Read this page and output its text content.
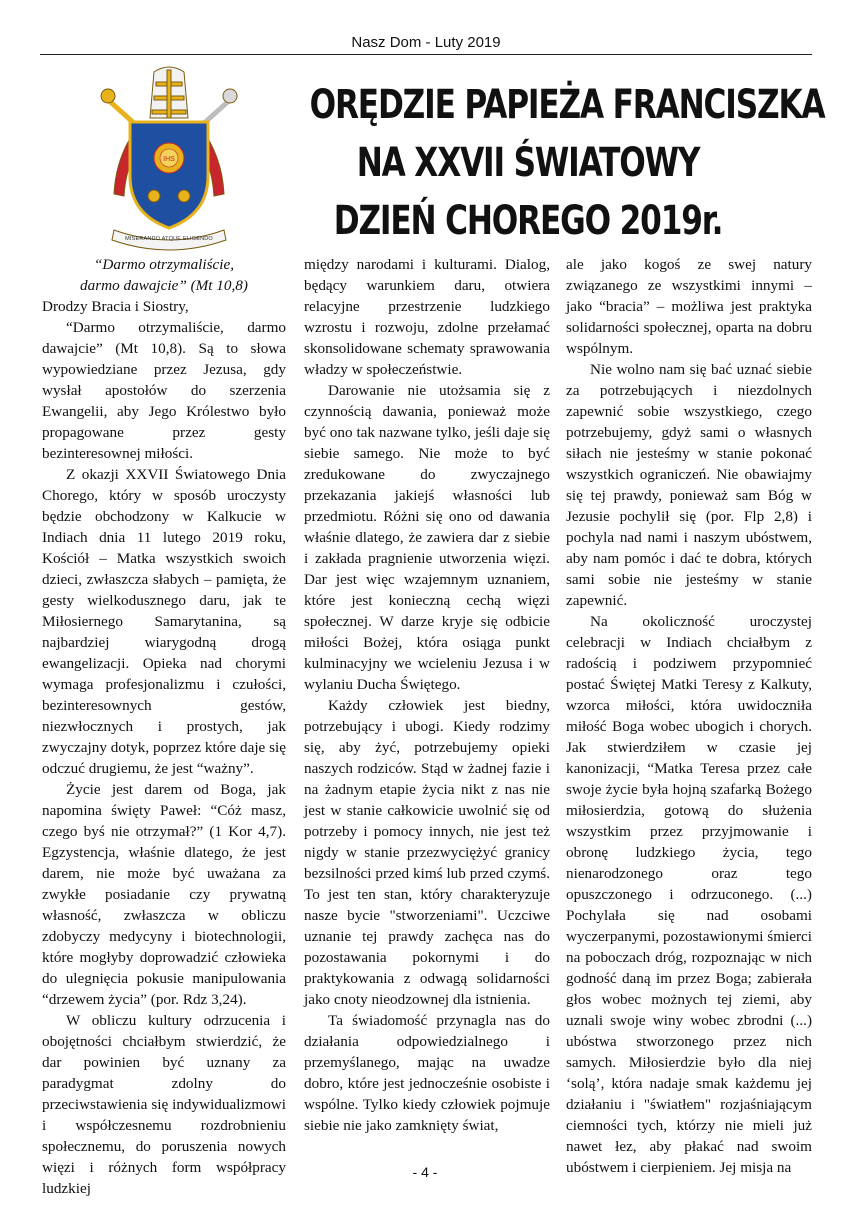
Nasz Dom - Luty 2019
IHS
MISERANDO ATQUE ELIGENDO
ORĘDZIE PAPIEŻA FRANCISZKA
NA XXVII ŚWIATOWY
DZIEŃ CHOREGO 2019r.

“Darmo otrzymaliście,

darmo dawajcie” (Mt 10,8)

Drodzy Bracia i Siostry,

“Darmo otrzymaliście, darmo dawajcie” (Mt 10,8). Są to słowa wypowiedziane przez Jezusa, gdy wysłał apostołów do szerzenia Ewangelii, aby Jego Królestwo było propagowane przez gesty bezinteresownej miłości.

Z okazji XXVII Światowego Dnia Chorego, który w sposób uroczysty będzie obchodzony w Kalkucie w Indiach dnia 11 lutego 2019 roku, Kościół – Matka wszystkich swoich dzieci, zwłaszcza słabych – pamięta, że gesty wielkodusznego daru, jak te Miłosiernego Samarytanina, są najbardziej wiarygodną drogą ewangelizacji. Opieka nad chorymi wymaga profesjonalizmu i czułości, bezinteresownych gestów, niezwłocznych i prostych, jak zwyczajny dotyk, poprzez które daje się odczuć drugiemu, że jest “ważny”.

Życie jest darem od Boga, jak napomina święty Paweł: “Cóż masz, czego byś nie otrzymał?” (1 Kor 4,7). Egzystencja, właśnie dlatego, że jest darem, nie może być uważana za zwykłe posiadanie czy prywatną własność, zwłaszcza w obliczu zdobyczy medycyny i biotechnologii, które mogłyby doprowadzić człowieka do ulegnięcia pokusie manipulowania “drzewem życia” (por. Rdz 3,24).

W obliczu kultury odrzucenia i obojętności chciałbym stwierdzić, że dar powinien być uznany za paradygmat zdolny do przeciwstawienia się indywidualizmowi i współczesnemu rozdrobnieniu społecznemu, do poruszenia nowych więzi i różnych form współpracy ludzkiej

między narodami i kulturami. Dialog, będący warunkiem daru, otwiera relacyjne przestrzenie ludzkiego wzrostu i rozwoju, zdolne przełamać skonsolidowane schematy sprawowania władzy w społeczeństwie.

Darowanie nie utożsamia się z czynnością dawania, ponieważ może być ono tak nazwane tylko, jeśli daje się siebie samego. Nie może to być zredukowane do zwyczajnego przekazania jakiejś własności lub przedmiotu. Różni się ono od dawania właśnie dlatego, że zawiera dar z siebie i zakłada pragnienie utworzenia więzi. Dar jest więc wzajemnym uznaniem, które jest konieczną cechą więzi społecznej. W darze kryje się odbicie miłości Bożej, która osiąga punkt kulminacyjny we wcieleniu Jezusa i w wylaniu Ducha Świętego.

Każdy człowiek jest biedny, potrzebujący i ubogi. Kiedy rodzimy się, aby żyć, potrzebujemy opieki naszych rodziców. Stąd w żadnej fazie i na żadnym etapie życia nikt z nas nie jest w stanie całkowicie uwolnić się od potrzeby i pomocy innych, nie jest też nigdy w stanie przezwyciężyć granicy bezsilności przed kimś lub przed czymś. To jest ten stan, który charakteryzuje nasze bycie "stworzeniami". Uczciwe uznanie tej prawdy zachęca nas do pozostawania pokornymi i do praktykowania z odwagą solidarności jako cnoty nieodzownej dla istnienia.

Ta świadomość przynagla nas do działania odpowiedzialnego i przemyślanego, mając na uwadze dobro, które jest jednocześnie osobiste i wspólne. Tylko kiedy człowiek pojmuje siebie nie jako zamknięty świat,

ale jako kogoś ze swej natury związanego ze wszystkimi innymi – jako “bracia” – możliwa jest praktyka solidarności społecznej, oparta na dobru wspólnym.

Nie wolno nam się bać uznać siebie za potrzebujących i niezdolnych zapewnić sobie wszystkiego, czego potrzebujemy, gdyż sami o własnych siłach nie jesteśmy w stanie pokonać wszystkich ograniczeń. Nie obawiajmy się tej prawdy, ponieważ sam Bóg w Jezusie pochylił się (por. Flp 2,8) i pochyla nad nami i naszym ubóstwem, aby nam pomóc i dać te dobra, których sami sobie nie jesteśmy w stanie zapewnić.

Na okoliczność uroczystej celebracji w Indiach chciałbym z radością i podziwem przypomnieć postać Świętej Matki Teresy z Kalkuty, wzorca miłości, która uwidoczniła miłość Boga wobec ubogich i chorych. Jak stwierdziłem w czasie jej kanonizacji, “Matka Teresa przez całe swoje życie była hojną szafarką Bożego miłosierdzia, gotową do służenia wszystkim przez przyjmowanie i obronę ludzkiego życia, tego nienarodzonego oraz tego opuszczonego i odrzuconego. (...) Pochylała się nad osobami wyczerpanymi, pozostawionymi śmierci na poboczach dróg, rozpoznając w nich godność daną im przez Boga; zabierała głos wobec możnych tej ziemi, aby uznali swoje winy wobec zbrodni (...) ubóstwa stworzonego przez nich samych. Miłosierdzie było dla niej ‘solą’, która nadaje smak każdemu jej działaniu i "światłem" rozjaśniającym ciemności tych, którzy nie mieli już nawet łez, aby płakać nad swoim ubóstwem i cierpieniem. Jej misja na

- 4 -
